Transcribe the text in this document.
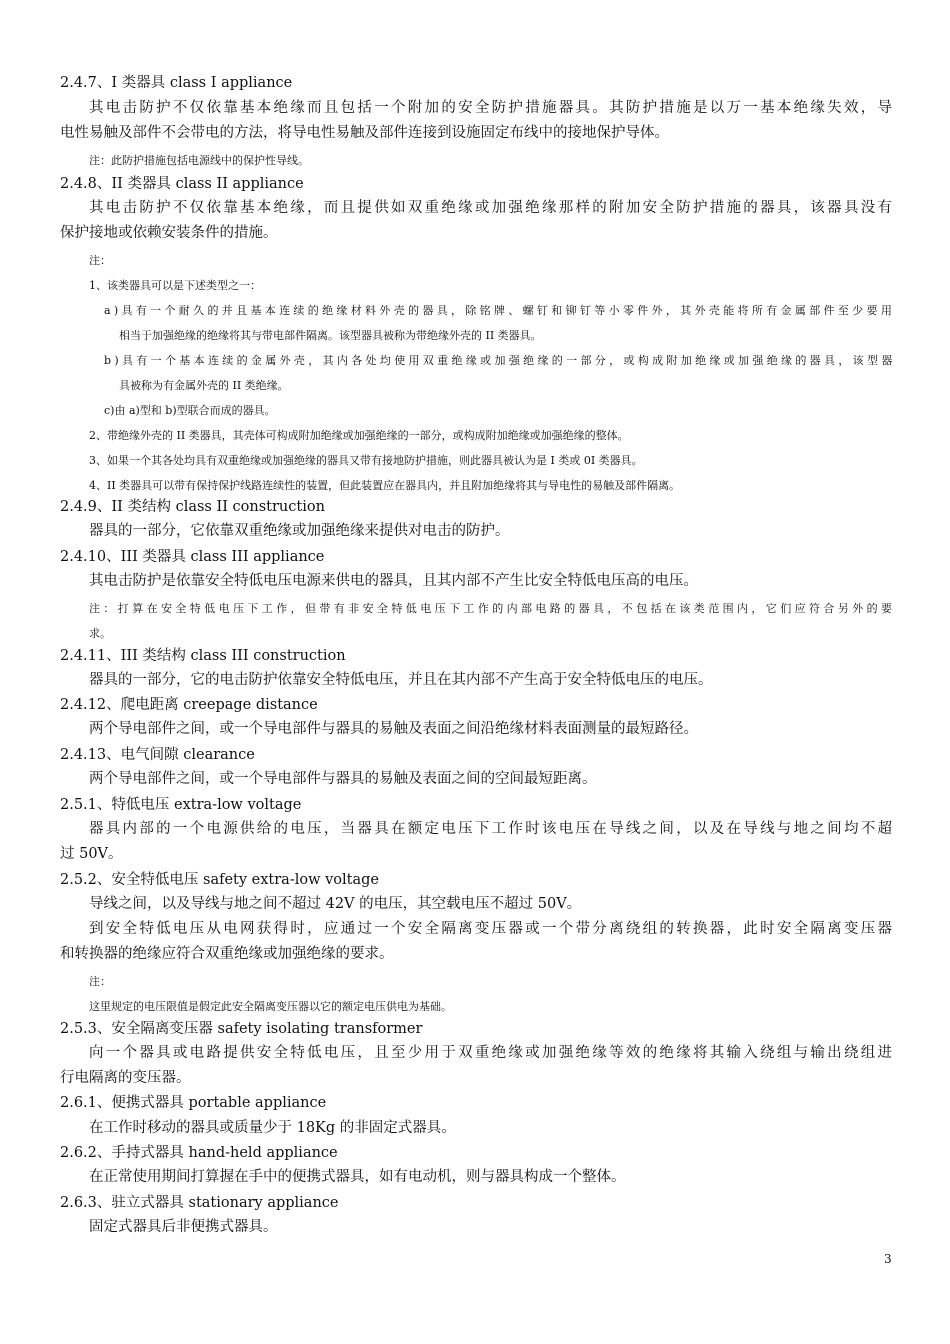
3
2.4.7、I 类器具 class I appliance
其电击防护不仅依靠基本绝缘而且包括一个附加的安全防护措施器具。其防护措施是以万一基本绝缘失效，导
电性易触及部件不会带电的方法，将导电性易触及部件连接到设施固定布线中的接地保护导体。
注：此防护措施包括电源线中的保护性导线。
2.4.8、II 类器具 class II appliance
其电击防护不仅依靠基本绝缘，而且提供如双重绝缘或加强绝缘那样的附加安全防护措施的器具，该器具没有
保护接地或依赖安装条件的措施。
注：
1、该类器具可以是下述类型之一：
a)具有一个耐久的并且基本连续的绝缘材料外壳的器具，除铭牌、螺钉和铆钉等小零件外，其外壳能将所有金属部件至少要用
相当于加强绝缘的绝缘将其与带电部件隔离。该型器具被称为带绝缘外壳的 II 类器具。
b)具有一个基本连续的金属外壳，其内各处均使用双重绝缘或加强绝缘的一部分，或构成附加绝缘或加强绝缘的器具，该型器
具被称为有金属外壳的 II 类绝缘。
c)由 a)型和 b)型联合而成的器具。
2、带绝缘外壳的 II 类器具，其壳体可构成附加绝缘或加强绝缘的一部分，或构成附加绝缘或加强绝缘的整体。
3、如果一个其各处均具有双重绝缘或加强绝缘的器具又带有接地防护措施，则此器具被认为是 I 类或 0I 类器具。
4、II 类器具可以带有保持保护线路连续性的装置，但此装置应在器具内，并且附加绝缘将其与导电性的易触及部件隔离。
2.4.9、II 类结构 class II construction
器具的一部分，它依靠双重绝缘或加强绝缘来提供对电击的防护。
2.4.10、III 类器具 class III appliance
其电击防护是依靠安全特低电压电源来供电的器具，且其内部不产生比安全特低电压高的电压。
注：打算在安全特低电压下工作，但带有非安全特低电压下工作的内部电路的器具，不包括在该类范围内，它们应符合另外的要
求。
2.4.11、III 类结构 class III construction
器具的一部分，它的电击防护依靠安全特低电压，并且在其内部不产生高于安全特低电压的电压。
2.4.12、爬电距离 creepage distance
两个导电部件之间，或一个导电部件与器具的易触及表面之间沿绝缘材料表面测量的最短路径。
2.4.13、电气间隙 clearance
两个导电部件之间，或一个导电部件与器具的易触及表面之间的空间最短距离。
2.5.1、特低电压 extra-low voltage
器具内部的一个电源供给的电压，当器具在额定电压下工作时该电压在导线之间，以及在导线与地之间均不超
过 50V。
2.5.2、安全特低电压 safety extra-low voltage
导线之间，以及导线与地之间不超过 42V 的电压，其空载电压不超过 50V。
到安全特低电压从电网获得时，应通过一个安全隔离变压器或一个带分离绕组的转换器，此时安全隔离变压器
和转换器的绝缘应符合双重绝缘或加强绝缘的要求。
注：
这里规定的电压限值是假定此安全隔离变压器以它的额定电压供电为基础。
2.5.3、安全隔离变压器 safety isolating transformer
向一个器具或电路提供安全特低电压，且至少用于双重绝缘或加强绝缘等效的绝缘将其输入绕组与输出绕组进
行电隔离的变压器。
2.6.1、便携式器具 portable appliance
在工作时移动的器具或质量少于 18Kg 的非固定式器具。
2.6.2、手持式器具 hand-held appliance
在正常使用期间打算握在手中的便携式器具，如有电动机，则与器具构成一个整体。
2.6.3、驻立式器具 stationary appliance
固定式器具后非便携式器具。
